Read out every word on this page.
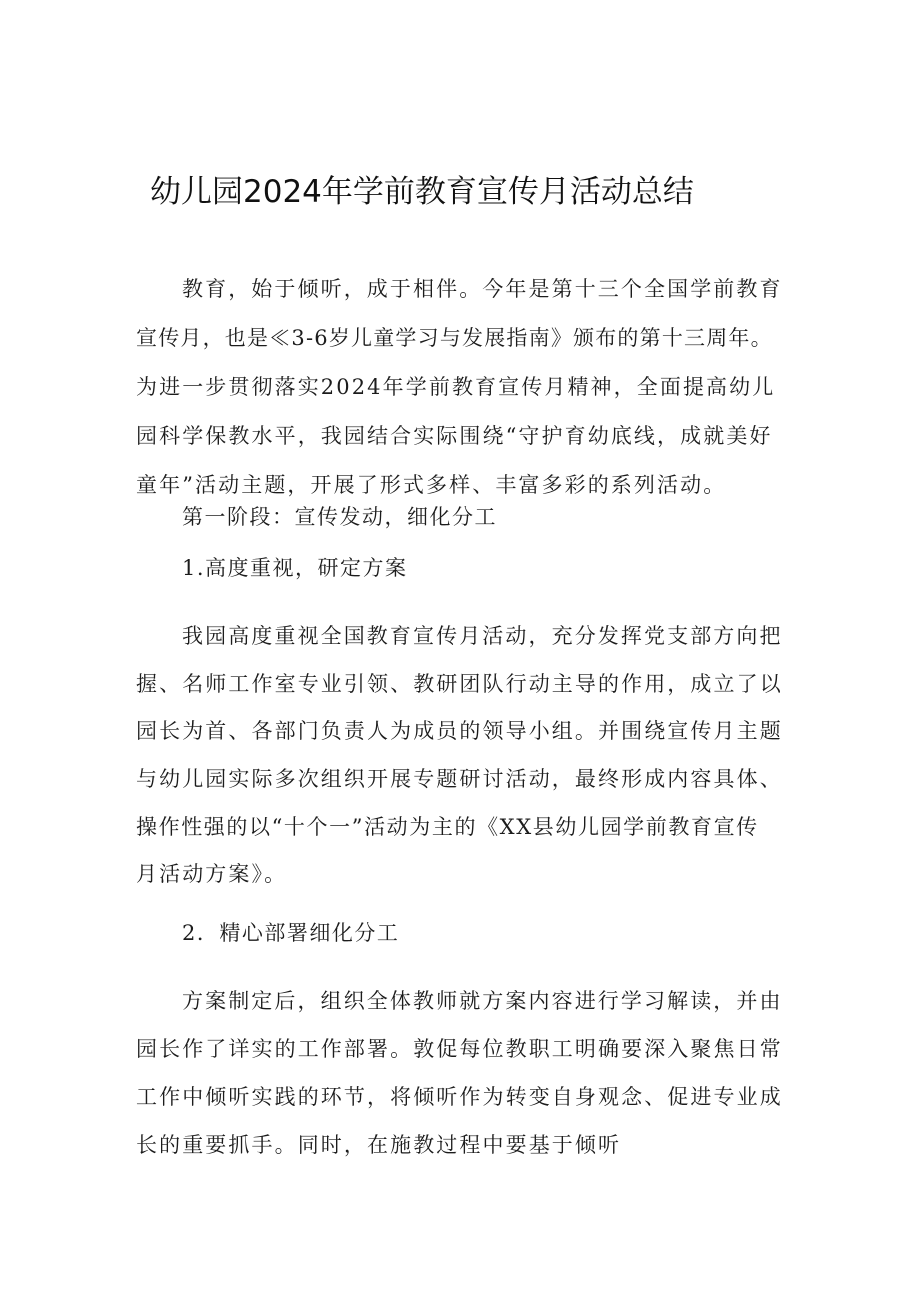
幼儿园2024年学前教育宣传月活动总结
教育，始于倾听，成于相伴。今年是第十三个全国学前教育
宣传月，也是≪3-6岁儿童学习与发展指南》颁布的第十三周年。
为进一步贯彻落实2024年学前教育宣传月精神，全面提高幼儿
园科学保教水平，我园结合实际围绕“守护育幼底线，成就美好
童年”活动主题，开展了形式多样、丰富多彩的系列活动。
第一阶段：宣传发动，细化分工
1.高度重视，研定方案
我园高度重视全国教育宣传月活动，充分发挥党支部方向把
握、名师工作室专业引领、教研团队行动主导的作用，成立了以
园长为首、各部门负责人为成员的领导小组。并围绕宣传月主题
与幼儿园实际多次组织开展专题研讨活动，最终形成内容具体、
操作性强的以“十个一”活动为主的《XX县幼儿园学前教育宣传
月活动方案》。
2．精心部署细化分工
方案制定后，组织全体教师就方案内容进行学习解读，并由
园长作了详实的工作部署。敦促每位教职工明确要深入聚焦日常
工作中倾听实践的环节，将倾听作为转变自身观念、促进专业成
长的重要抓手。同时，在施教过程中要基于倾听
